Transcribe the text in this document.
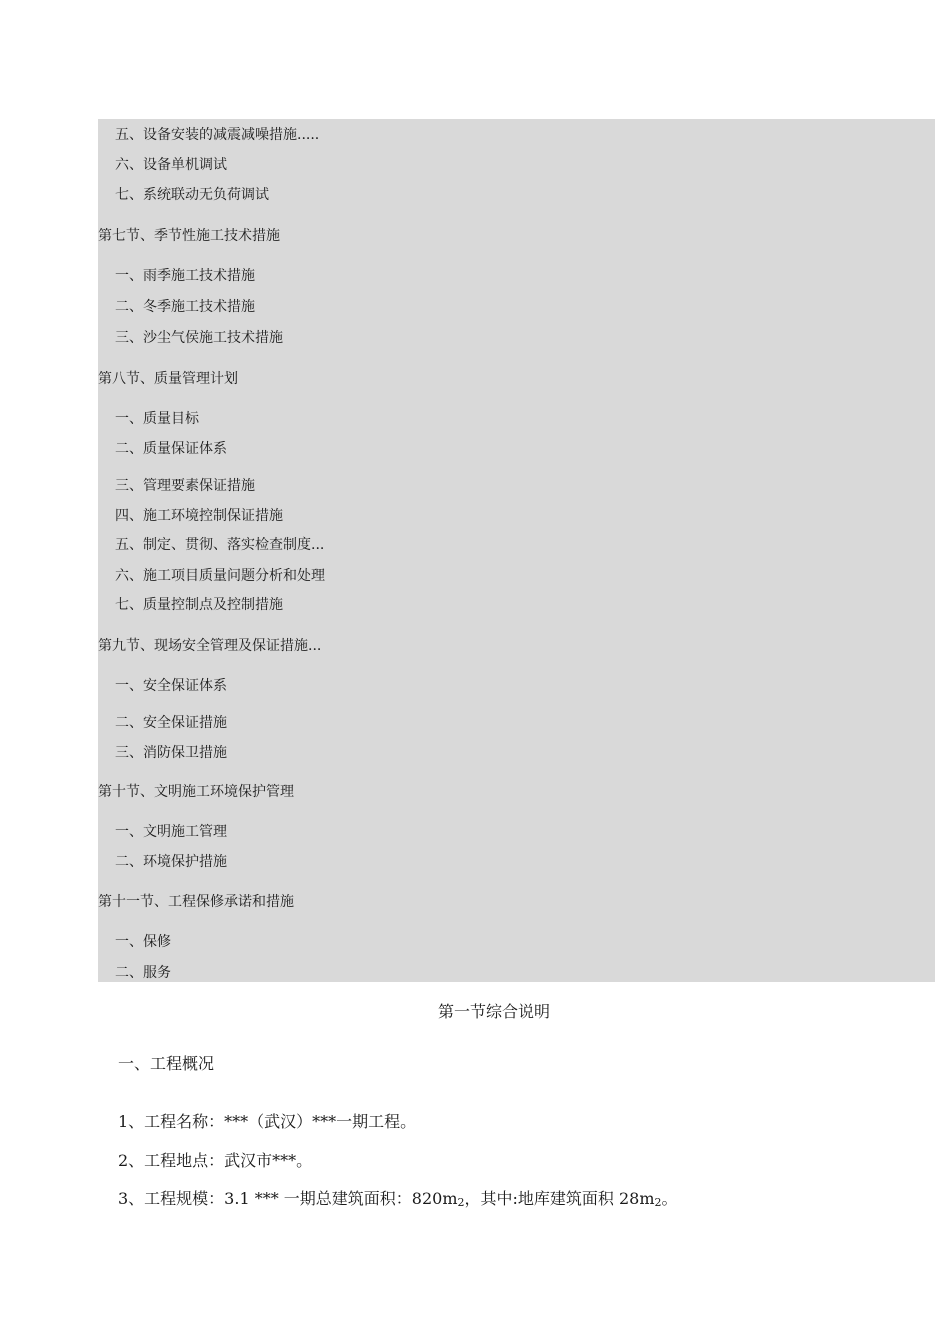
五、设备安装的减震减噪措施.....
六、设备单机调试
七、系统联动无负荷调试
第七节、季节性施工技术措施
一、雨季施工技术措施
二、冬季施工技术措施
三、沙尘气侯施工技术措施
第八节、质量管理计划
一、质量目标
二、质量保证体系
三、管理要素保证措施
四、施工环境控制保证措施
五、制定、贯彻、落实检查制度...
六、施工项目质量问题分析和处理
七、质量控制点及控制措施
第九节、现场安全管理及保证措施...
一、安全保证体系
二、安全保证措施
三、消防保卫措施
第十节、文明施工环境保护管理
一、文明施工管理
二、环境保护措施
第十一节、工程保修承诺和措施
一、保修
二、服务
第一节综合说明
一、工程概况
1、工程名称：***（武汉）***一期工程。
2、工程地点：武汉市***。
3、工程规模：3.1 *** 一期总建筑面积：820m2，其中:地库建筑面积 28m2。
